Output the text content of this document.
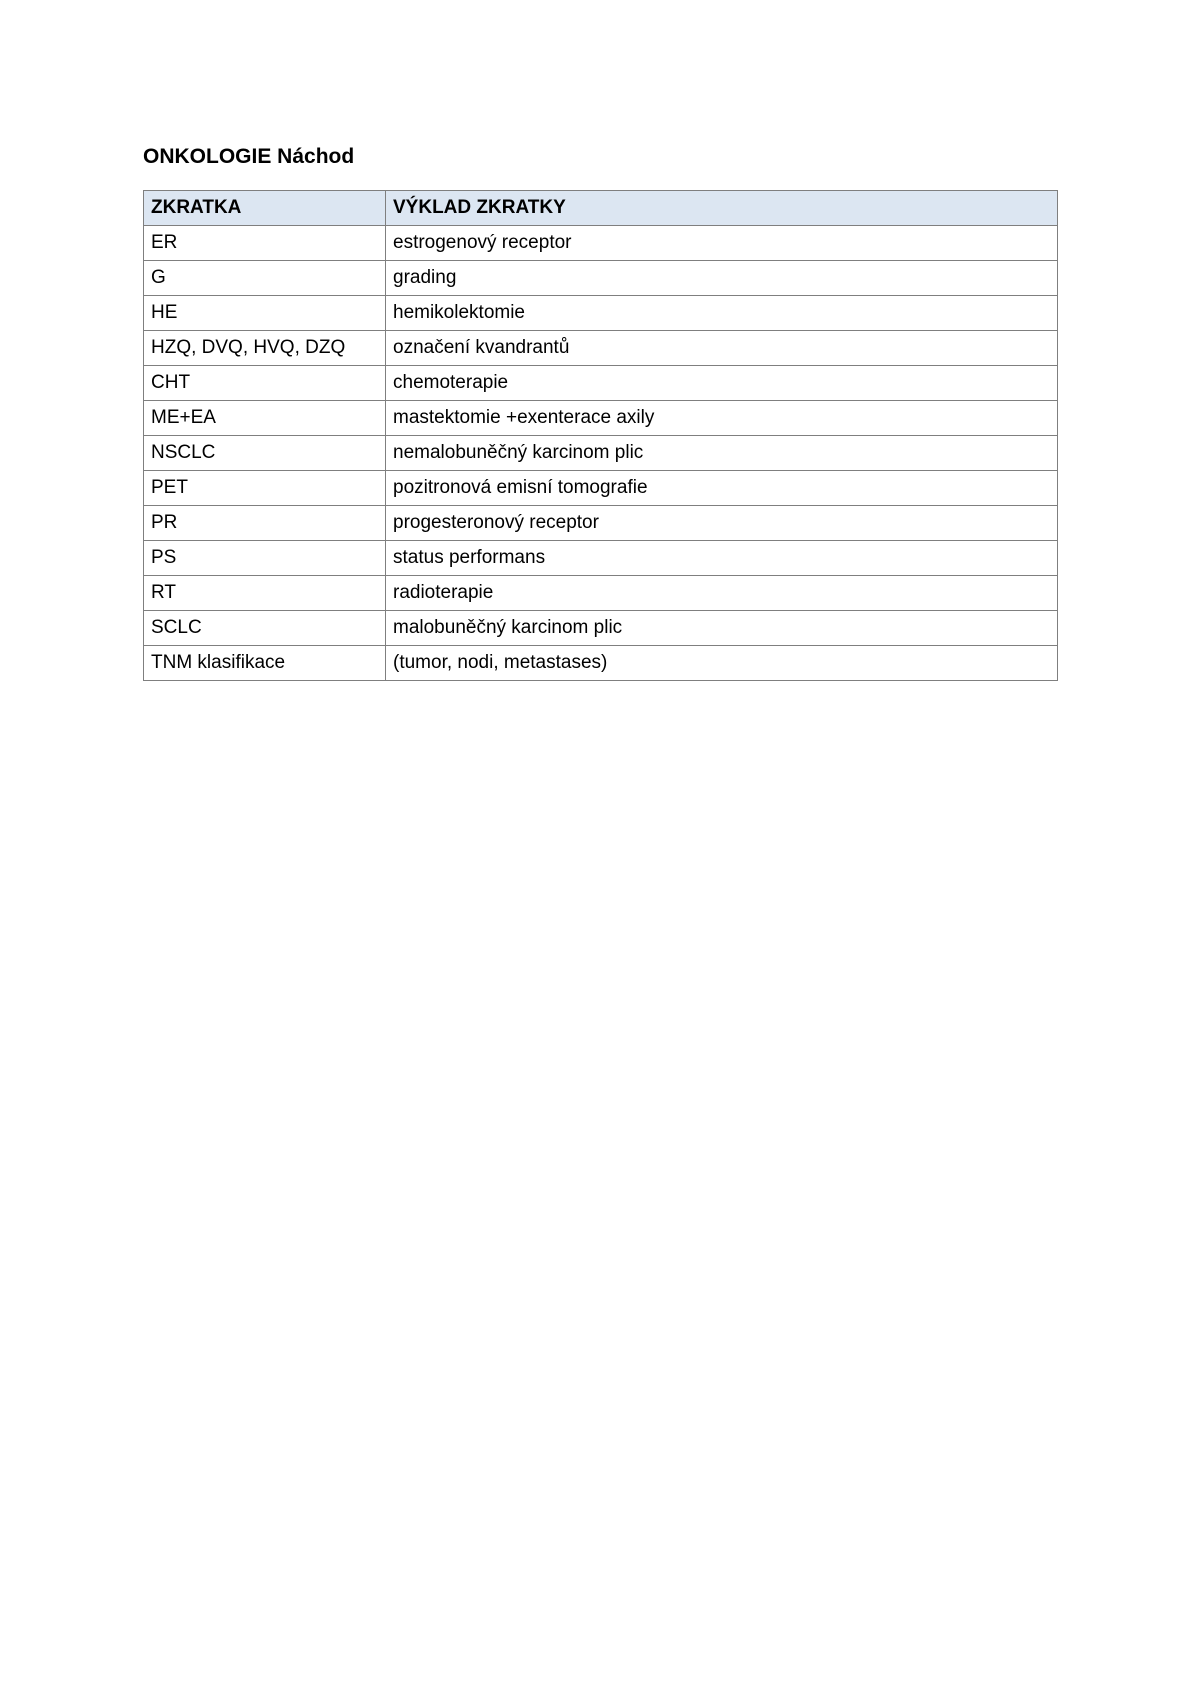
ONKOLOGIE Náchod
ZKRATKA	VÝKLAD ZKRATKY
ER	estrogenový receptor
G	grading
HE	hemikolektomie
HZQ, DVQ, HVQ, DZQ	označení kvandrantů
CHT	chemoterapie
ME+EA	mastektomie +exenterace axily
NSCLC	nemalobuněčný karcinom plic
PET	pozitronová emisní tomografie
PR	progesteronový receptor
PS	status performans
RT	radioterapie
SCLC	malobuněčný karcinom plic
TNM klasifikace	(tumor, nodi, metastases)
